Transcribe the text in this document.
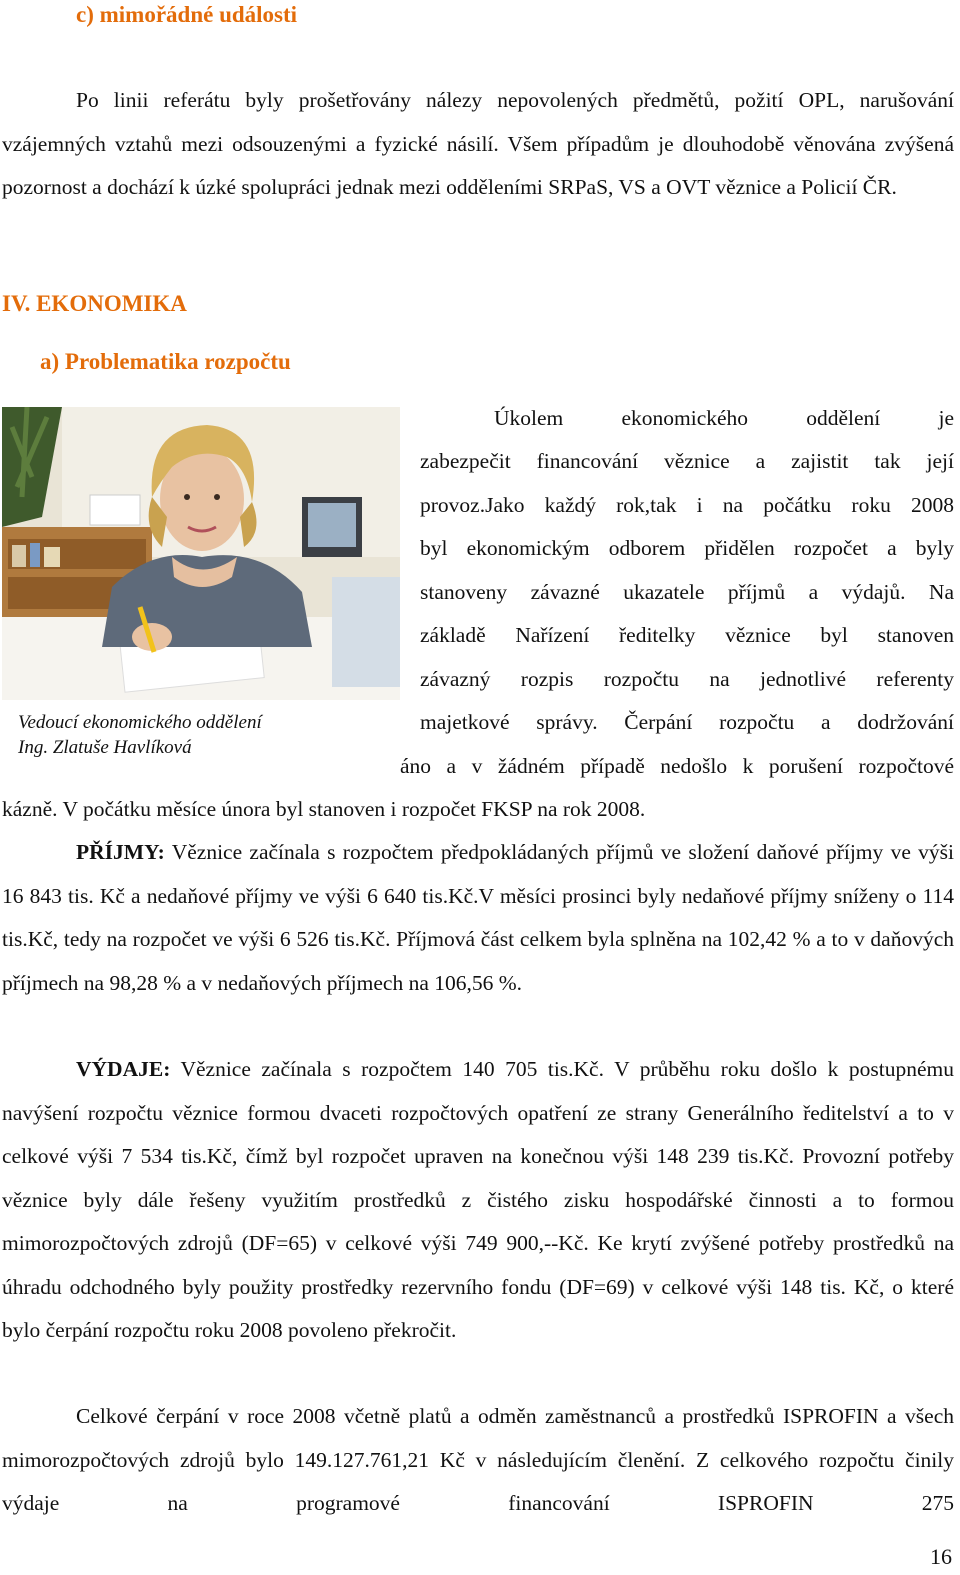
c) mimořádné události

Po linii referátu byly prošetřovány nálezy nepovolených předmětů, požití OPL, narušování vzájemných vztahů mezi odsouzenými a fyzické násilí. Všem případům je dlouhodobě věnována zvýšená pozornost a dochází k úzké spolupráci jednak mezi odděleními SRPaS, VS a OVT věznice a Policií ČR.

IV. EKONOMIKA
a) Problematika rozpočtu
Vedoucí ekonomického oddělení
Ing. Zlatuše Havlíková

Úkolem ekonomického oddělení je

zabezpečit financování věznice a zajistit tak její

provoz.Jako každý rok,tak i na počátku roku 2008

byl ekonomickým odborem přidělen rozpočet a byly

stanoveny závazné ukazatele příjmů a výdajů. Na

základě Nařízení ředitelky věznice byl stanoven

závazný rozpis rozpočtu na jednotlivé referenty

majetkové správy. Čerpání rozpočtu a dodržování

áno a v žádném případě nedošlo k porušení rozpočtové

kázně. V počátku měsíce února byl stanoven i rozpočet FKSP na rok 2008.

PŘÍJMY: Věznice začínala s rozpočtem předpokládaných příjmů ve složení daňové příjmy ve výši 16 843 tis. Kč a nedaňové příjmy ve výši 6 640 tis.Kč.V měsíci prosinci byly nedaňové příjmy sníženy o 114 tis.Kč, tedy na rozpočet ve výši 6 526 tis.Kč. Příjmová část celkem byla splněna na 102,42 % a to v daňových příjmech na 98,28 % a v nedaňových příjmech na 106,56 %.

VÝDAJE: Věznice začínala s rozpočtem 140 705 tis.Kč. V průběhu roku došlo k postupnému navýšení rozpočtu věznice formou dvaceti rozpočtových opatření ze strany Generálního ředitelství a to v celkové výši 7 534 tis.Kč, čímž byl rozpočet upraven na konečnou výši 148 239 tis.Kč. Provozní potřeby věznice byly dále řešeny využitím prostředků z čistého zisku hospodářské činnosti a to formou mimorozpočtových zdrojů (DF=65) v celkové výši 749 900,--Kč. Ke krytí zvýšené potřeby prostředků na úhradu odchodného byly použity prostředky rezervního fondu (DF=69) v celkové výši 148 tis. Kč, o které bylo čerpání rozpočtu roku 2008 povoleno překročit.

Celkové čerpání v roce 2008 včetně platů a odměn zaměstnanců a prostředků ISPROFIN a všech mimorozpočtových zdrojů bylo 149.127.761,21 Kč v následujícím členění. Z celkového rozpočtu činily výdaje na programové financování ISPROFIN 275

16
